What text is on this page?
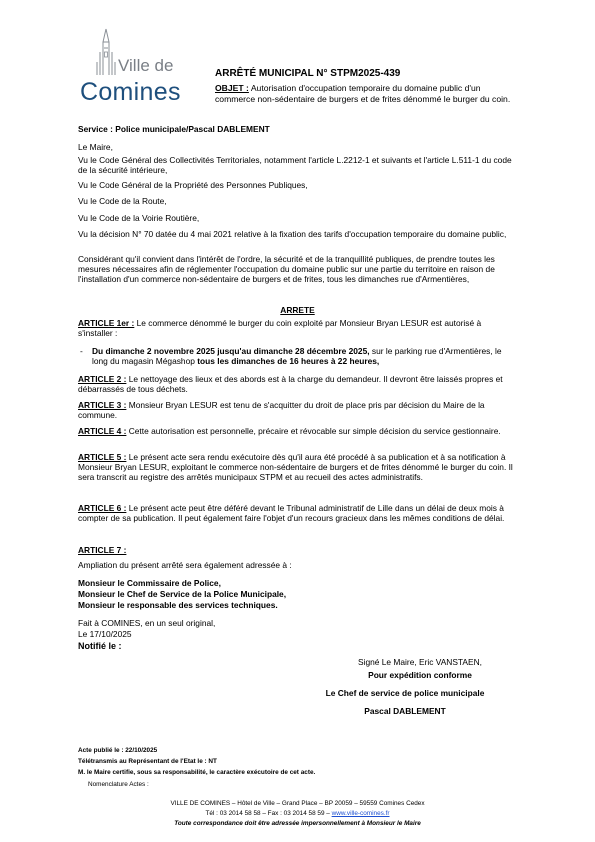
Ville de
Comines
ARRÊTÉ MUNICIPAL N° STPM2025-439
OBJET : Autorisation d'occupation temporaire du domaine public d'un commerce non-sédentaire de burgers et de frites dénommé le burger du coin.
Service : Police municipale/Pascal DABLEMENT
Le Maire,
Vu le Code Général des Collectivités Territoriales, notamment l'article L.2212-1 et suivants et l'article L.511-1 du code de la sécurité intérieure,
Vu le Code Général de la Propriété des Personnes Publiques,
Vu le Code de la Route,
Vu le Code de la Voirie Routière,
Vu la décision N° 70 datée du 4 mai 2021 relative à la fixation des tarifs d'occupation temporaire du domaine public,
Considérant qu'il convient dans l'intérêt de l'ordre, la sécurité et de la tranquillité publiques, de prendre toutes les mesures nécessaires afin de réglementer l'occupation du domaine public sur une partie du territoire en raison de l'installation d'un commerce non-sédentaire de burgers et de frites, tous les dimanches rue d'Armentières,
ARRETE
ARTICLE 1er : Le commerce dénommé le burger du coin exploité par Monsieur Bryan LESUR est autorisé à s'installer :
-	Du dimanche 2 novembre 2025 jusqu'au dimanche 28 décembre 2025, sur le parking rue d'Armentières, le long du magasin Mégashop tous les dimanches de 16 heures à 22 heures,
ARTICLE 2 : Le nettoyage des lieux et des abords est à la charge du demandeur. Il devront être laissés propres et débarrassés de tous déchets.
ARTICLE 3 : Monsieur Bryan LESUR est tenu de s'acquitter du droit de place pris par décision du Maire de la commune.
ARTICLE 4 : Cette autorisation est personnelle, précaire et révocable sur simple décision du service gestionnaire.
ARTICLE 5 : Le présent acte sera rendu exécutoire dès qu'il aura été procédé à sa publication et à sa notification à Monsieur Bryan LESUR, exploitant le commerce non-sédentaire de burgers et de frites dénommé le burger du coin. Il sera transcrit au registre des arrêtés municipaux STPM et au recueil des actes administratifs.
ARTICLE 6 : Le présent acte peut être déféré devant le Tribunal administratif de Lille dans un délai de deux mois à compter de sa publication. Il peut également faire l'objet d'un recours gracieux dans les mêmes conditions de délai.
ARTICLE 7 :
Ampliation du présent arrêté sera également adressée à :
Monsieur le Commissaire de Police,
Monsieur le Chef de Service de la Police Municipale,
Monsieur le responsable des services techniques.
Fait à COMINES, en un seul original,
Le 17/10/2025
Notifié le :
Signé Le Maire, Eric VANSTAEN,
Pour expédition conforme
Le Chef de service de police municipale
Pascal DABLEMENT
Acte publié le : 22/10/2025
Télétransmis au Représentant de l'Etat le : NT
M. le Maire certifie, sous sa responsabilité, le caractère exécutoire de cet acte.
Nomenclature Actes :
VILLE DE COMINES – Hôtel de Ville – Grand Place – BP 20059 – 59559 Comines Cedex
Tél : 03 2014 58 58 – Fax : 03 2014 58 59 – www.ville-comines.fr
Toute correspondance doit être adressée impersonnellement à Monsieur le Maire
